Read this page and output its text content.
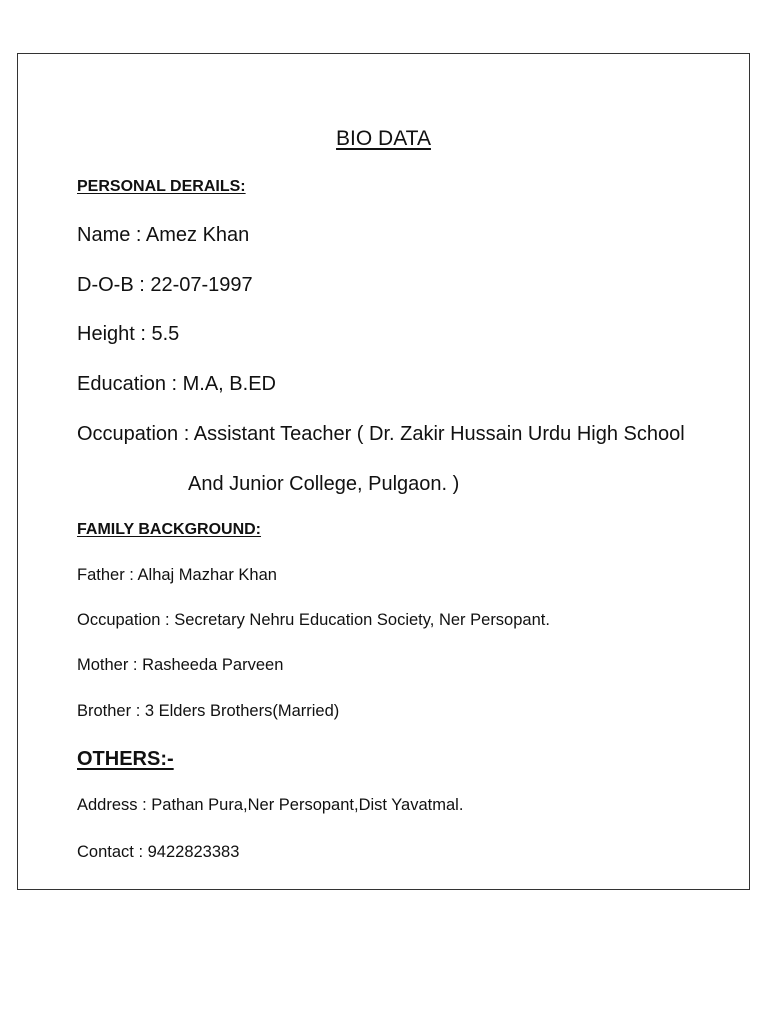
BIO DATA
PERSONAL DERAILS:
Name : Amez Khan
D-O-B : 22-07-1997
Height : 5.5
Education : M.A, B.ED
Occupation : Assistant Teacher ( Dr. Zakir Hussain Urdu High School
And Junior College, Pulgaon. )
FAMILY BACKGROUND:
Father : Alhaj Mazhar Khan
Occupation : Secretary Nehru Education Society, Ner Persopant.
Mother : Rasheeda Parveen
Brother : 3 Elders Brothers(Married)
OTHERS:-
Address : Pathan Pura,Ner Persopant,Dist Yavatmal.
Contact : 9422823383
